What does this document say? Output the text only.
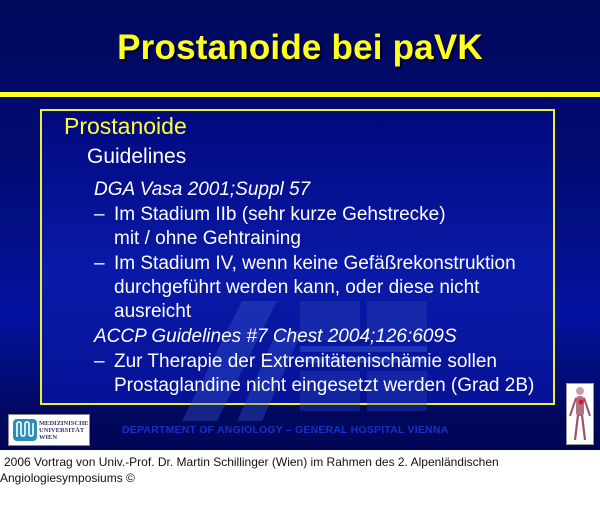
Prostanoide bei paVK
Prostanoide
Guidelines
DGA Vasa 2001;Suppl 57
– Im Stadium IIb (sehr kurze Gehstrecke)
mit / ohne Gehtraining
– Im Stadium IV, wenn keine Gefäßrekonstruktion
durchgeführt werden kann, oder diese nicht
ausreicht
ACCP Guidelines #7 Chest 2004;126:609S
– Zur Therapie der Extremitätenischämie sollen
Prostaglandine nicht eingesetzt werden (Grad 2B)
MEDIZINISCHE
UNIVERSITÄT
WIEN
DEPARTMENT OF ANGIOLOGY – GENERAL HOSPITAL VIENNA
2006 Vortrag von Univ.-Prof. Dr. Martin Schillinger (Wien) im Rahmen des 2. Alpenländischen
Angiologiesymposiums ©
